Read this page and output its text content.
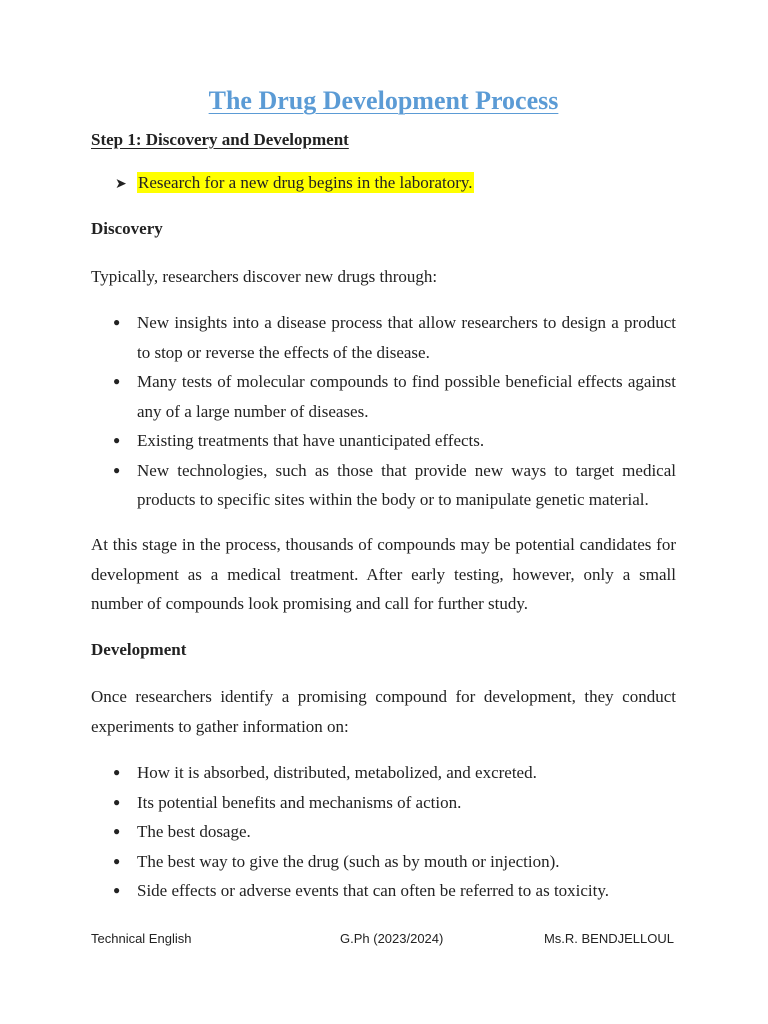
The Drug Development Process
Step 1: Discovery and Development
➤ Research for a new drug begins in the laboratory.
Discovery

Typically, researchers discover new drugs through:

● New insights into a disease process that allow researchers to design a product to stop or reverse the effects of the disease.
● Many tests of molecular compounds to find possible beneficial effects against any of a large number of diseases.
● Existing treatments that have unanticipated effects.
● New technologies, such as those that provide new ways to target medical products to specific sites within the body or to manipulate genetic material.

At this stage in the process, thousands of compounds may be potential candidates for development as a medical treatment. After early testing, however, only a small number of compounds look promising and call for further study.

Development

Once researchers identify a promising compound for development, they conduct experiments to gather information on:

● How it is absorbed, distributed, metabolized, and excreted.
● Its potential benefits and mechanisms of action.
● The best dosage.
● The best way to give the drug (such as by mouth or injection).
● Side effects or adverse events that can often be referred to as toxicity.
Technical English	G.Ph (2023/2024)	Ms.R. BENDJELLOUL
